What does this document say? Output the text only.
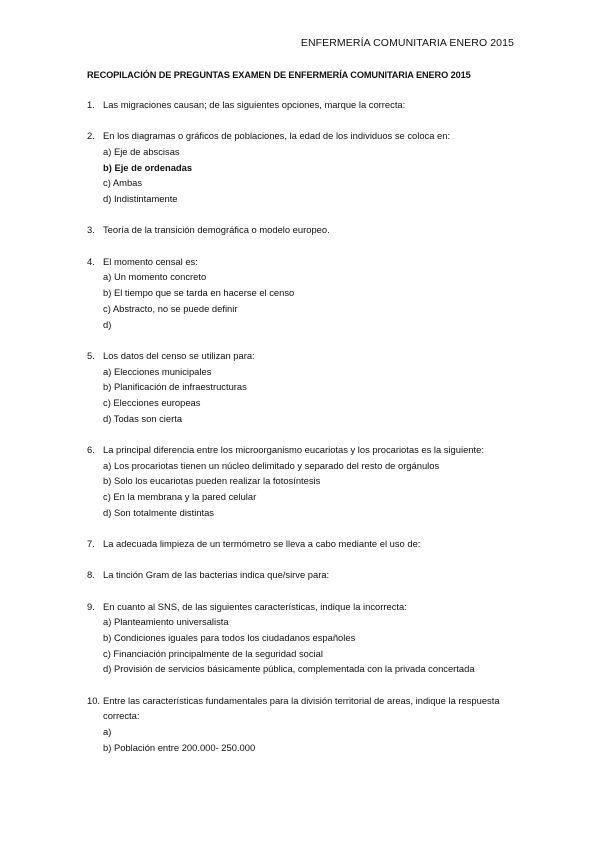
ENFERMERÍA COMUNITARIA ENERO 2015
RECOPILACIÓN DE PREGUNTAS EXAMEN DE ENFERMERÍA COMUNITARIA ENERO 2015
1. Las migraciones causan; de las siguientes opciones, marque la correcta:
2. En los diagramas o gráficos de poblaciones, la edad de los individuos se coloca en:
a) Eje de abscisas
b) Eje de ordenadas
c) Ambas
d) Indistintamente
3. Teoría de la transición demográfica o modelo europeo.
4. El momento censal es:
a) Un momento concreto
b) El tiempo que se tarda en hacerse el censo
c) Abstracto, no se puede definir
d)
5. Los datos del censo se utilizan para:
a) Elecciones municipales
b) Planificación de infraestructuras
c) Elecciones europeas
d) Todas son cierta
6. La principal diferencia entre los microorganismo eucariotas y los procariotas es la siguiente:
a) Los procariotas tienen un núcleo delimitado y separado del resto de orgánulos
b) Solo los eucariotas pueden realizar la fotosíntesis
c) En la membrana y la pared celular
d) Son totalmente distintas
7. La adecuada limpieza de un termómetro se lleva a cabo mediante el uso de:
8. La tinción Gram de las bacterias indica que/sirve para:
9. En cuanto al SNS, de las siguientes características, indique la incorrecta:
a) Planteamiento universalista
b) Condiciones iguales para todos los ciudadanos españoles
c) Financiación principalmente de la seguridad social
d) Provisión de servicios básicamente pública, complementada con la privada concertada
10. Entre las características fundamentales para la división territorial de areas, indique la respuesta correcta:
a)
b) Población entre 200.000- 250.000
